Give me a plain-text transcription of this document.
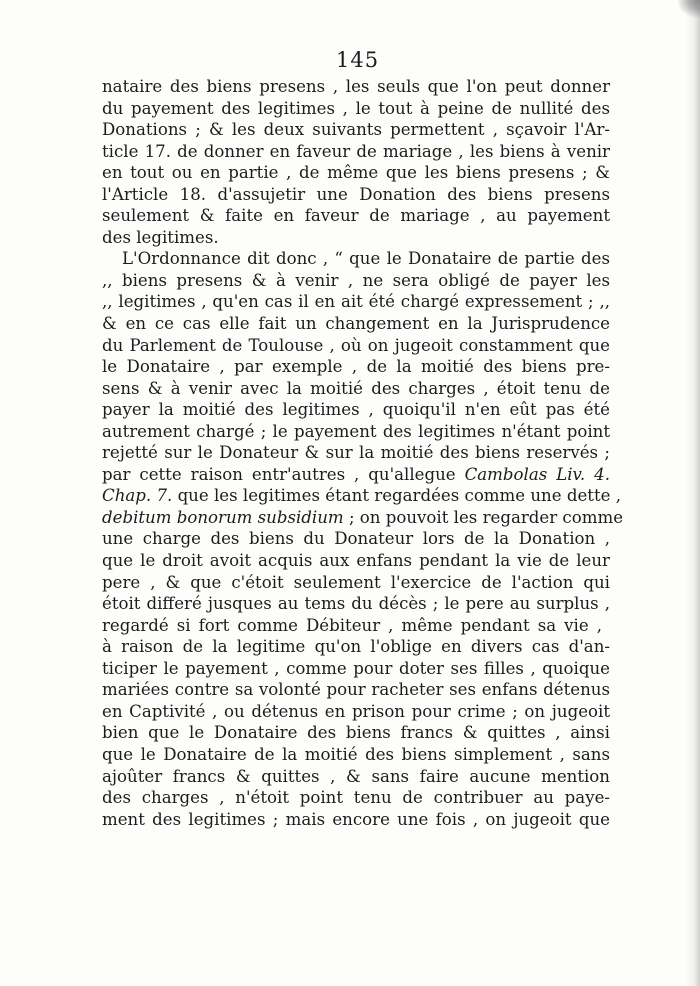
145
nataire des biens presens , les seuls que l'on peut donner
du payement des legitimes , le tout à peine de nullité des
Donations ; & les deux suivants permettent , sçavoir l'Ar-
ticle 17. de donner en faveur de mariage , les biens à venir
en tout ou en partie , de même que les biens presens ; &
l'Article 18. d'assujetir une Donation des biens presens
seulement & faite en faveur de mariage , au payement
des legitimes.
L'Ordonnance dit donc , “ que le Donataire de partie des
,, biens presens & à venir , ne sera obligé de payer les
,, legitimes , qu'en cas il en ait été chargé expressement ; ,,
& en ce cas elle fait un changement en la Jurisprudence
du Parlement de Toulouse , où on jugeoit constamment que
le Donataire , par exemple , de la moitié des biens pre-
sens & à venir avec la moitié des charges , étoit tenu de
payer la moitié des legitimes , quoiqu'il n'en eût pas été
autrement chargé ; le payement des legitimes n'étant point
rejetté sur le Donateur & sur la moitié des biens reservés ;
par cette raison entr'autres , qu'allegue Cambolas Liv. 4.
Chap. 7. que les legitimes étant regardées comme une dette ,
debitum bonorum subsidium ; on pouvoit les regarder comme
une charge des biens du Donateur lors de la Donation ,
que le droit avoit acquis aux enfans pendant la vie de leur
pere , & que c'étoit seulement l'exercice de l'action qui
étoit differé jusques au tems du décès ; le pere au surplus ,
regardé si fort comme Débiteur , même pendant sa vie ,
à raison de la legitime qu'on l'oblige en divers cas d'an-
ticiper le payement , comme pour doter ses filles , quoique
mariées contre sa volonté pour racheter ses enfans détenus
en Captivité , ou détenus en prison pour crime ; on jugeoit
bien que le Donataire des biens francs & quittes , ainsi
que le Donataire de la moitié des biens simplement , sans
ajoûter francs & quittes , & sans faire aucune mention
des charges , n'étoit point tenu de contribuer au paye-
ment des legitimes ; mais encore une fois , on jugeoit que
